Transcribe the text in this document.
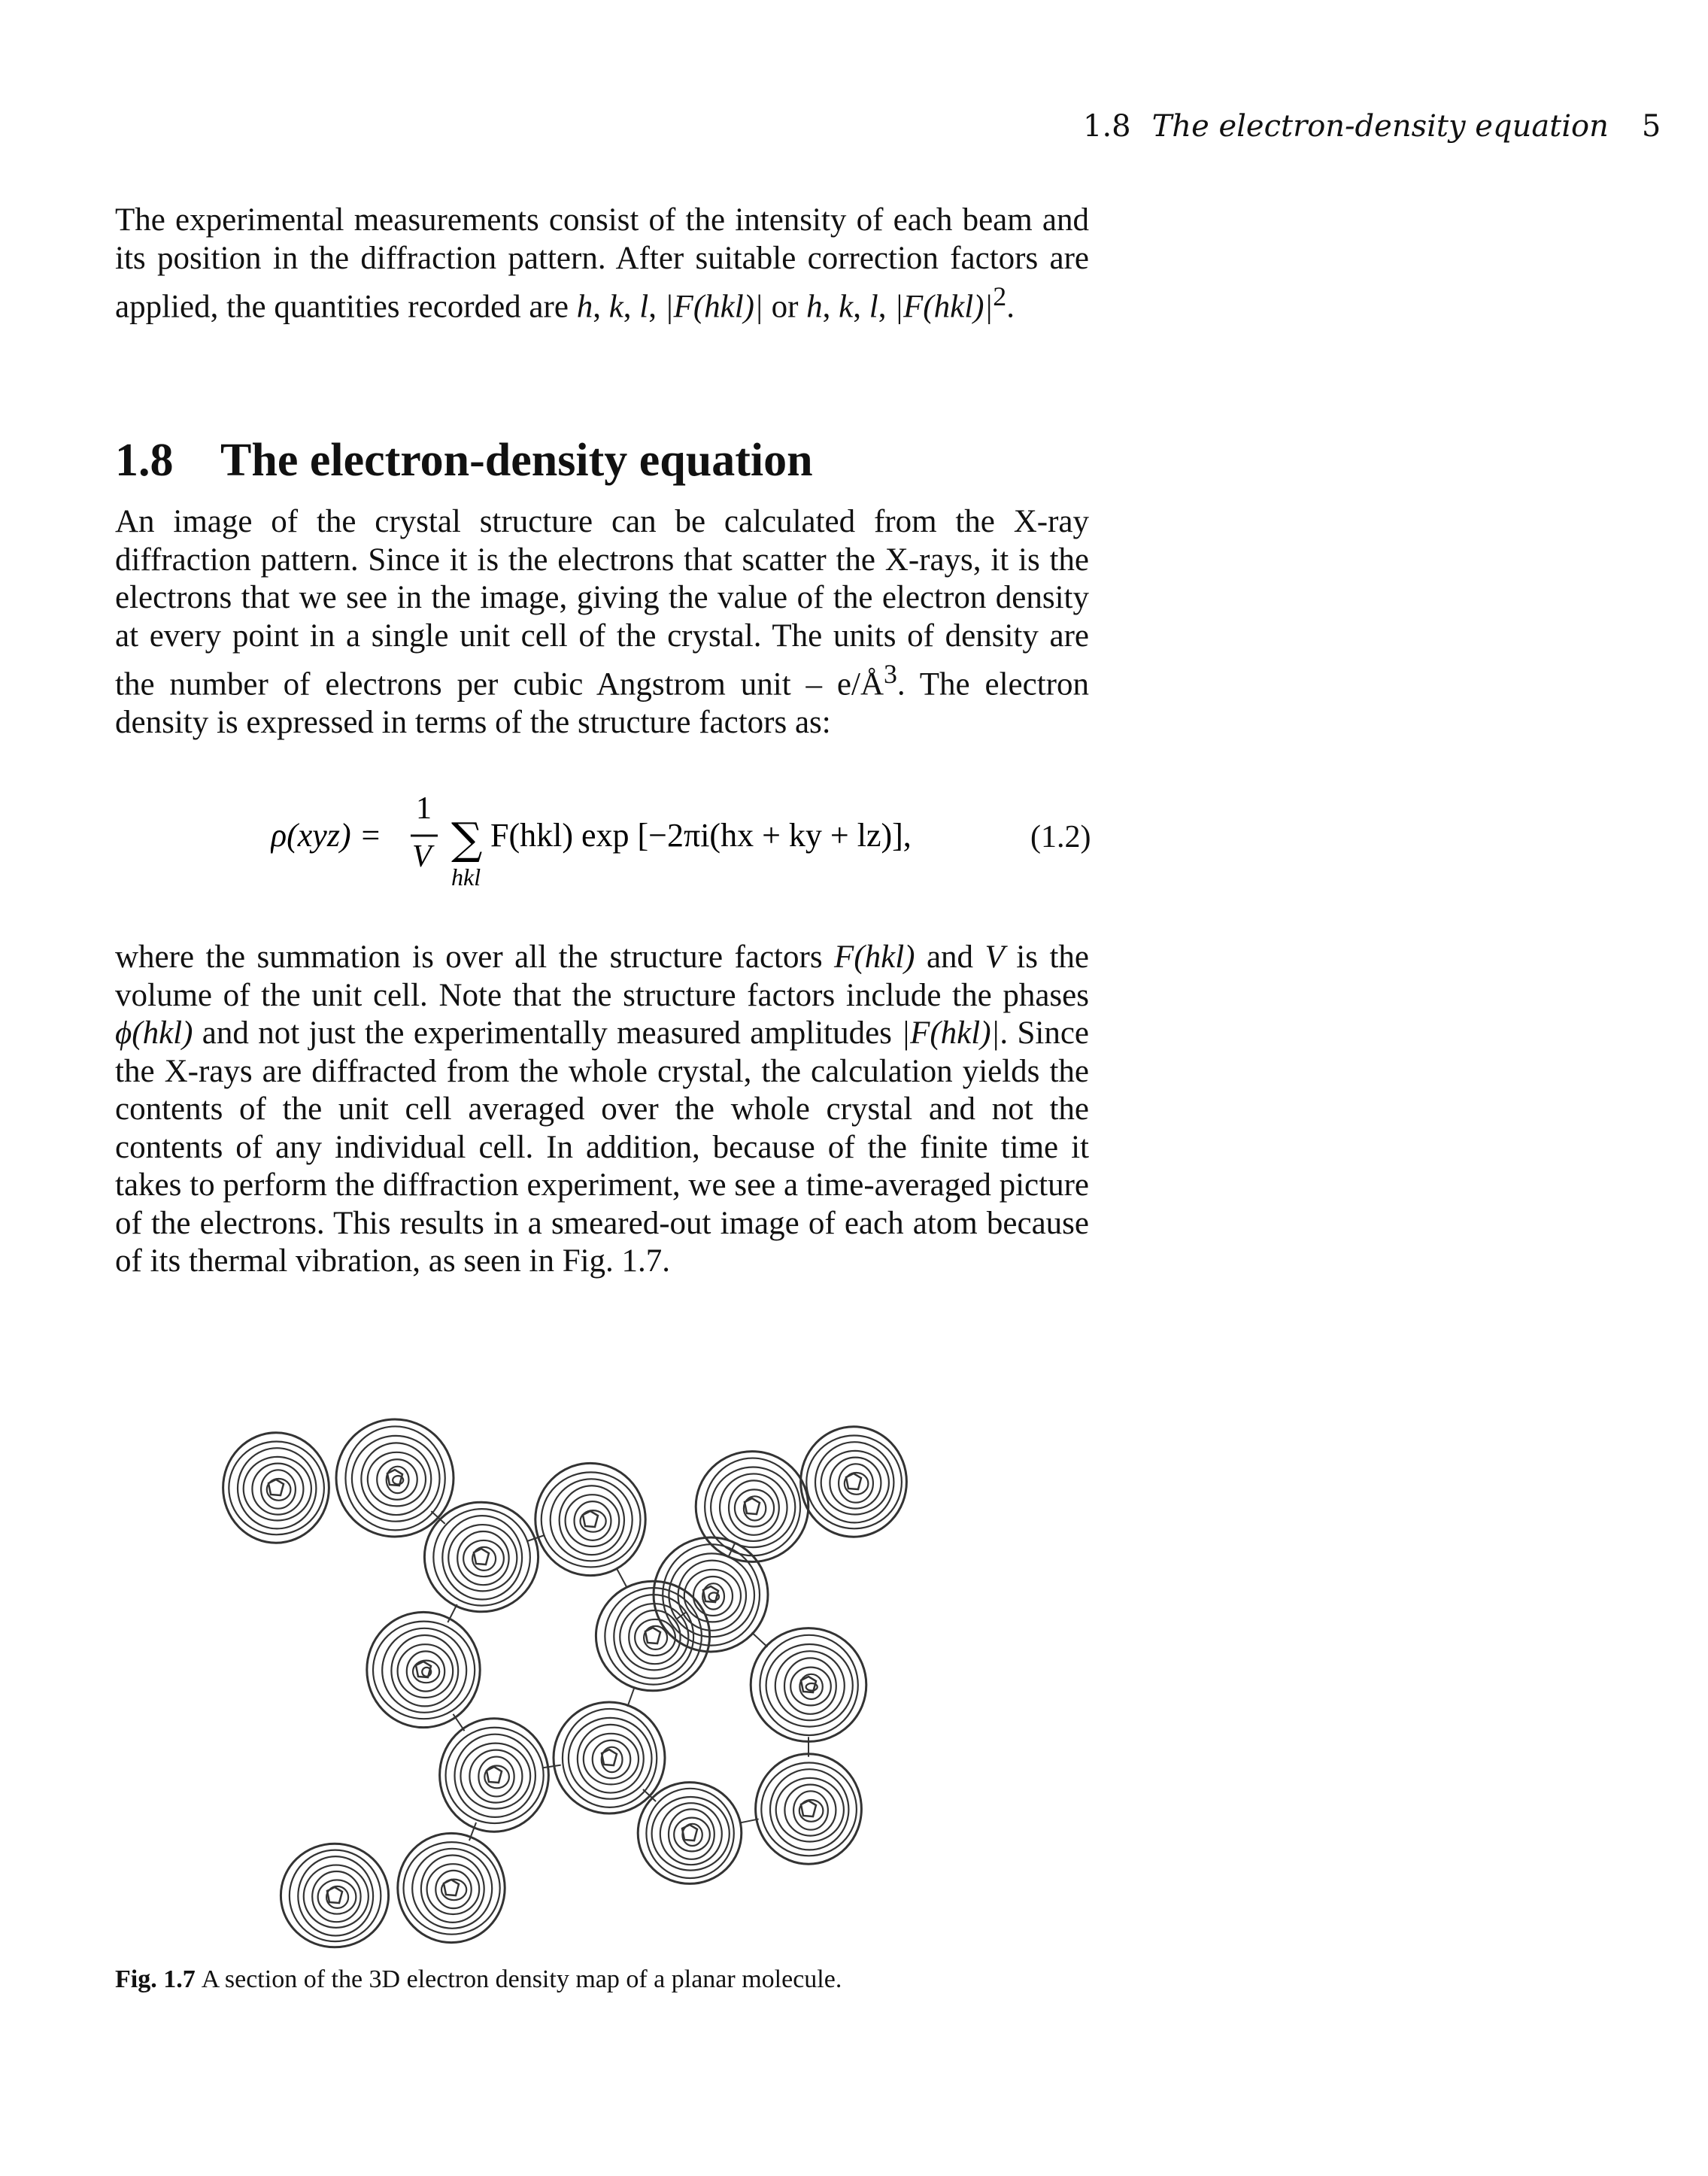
1.8 The electron-density equation 5

The experimental measurements consist of the intensity of each beam and its position in the diffraction pattern. After suitable correction factors are applied, the quantities recorded are h, k, l, |F(hkl)| or h, k, l, $|F(hkl)|^2$.

1.8 The electron-density equation

An image of the crystal structure can be calculated from the X-ray diffraction pattern. Since it is the electrons that scatter the X-rays, it is the electrons that we see in the image, giving the value of the electron density at every point in a single unit cell of the crystal. The units of density are the number of electrons per cubic Angstrom unit – $e/Å^3$. The electron density is expressed in terms of the structure factors as:

ρ(xyz) =
1
V ∑
hkl
F(hkl) exp [−2πi(hx + ky + lz)],	(1.2)

where the summation is over all the structure factors F(hkl) and V is the volume of the unit cell. Note that the structure factors include the phases ϕ(hkl) and not just the experimentally measured amplitudes |F(hkl)|. Since the X-rays are diffracted from the whole crystal, the calculation yields the contents of the unit cell averaged over the whole crystal and not the contents of any individual cell. In addition, because of the finite time it takes to perform the diffraction experiment, we see a time-averaged picture of the electrons. This results in a smeared-out image of each atom because of its thermal vibration, as seen in Fig. 1.7.

Fig. 1.7 A section of the 3D electron density map of a planar molecule.
